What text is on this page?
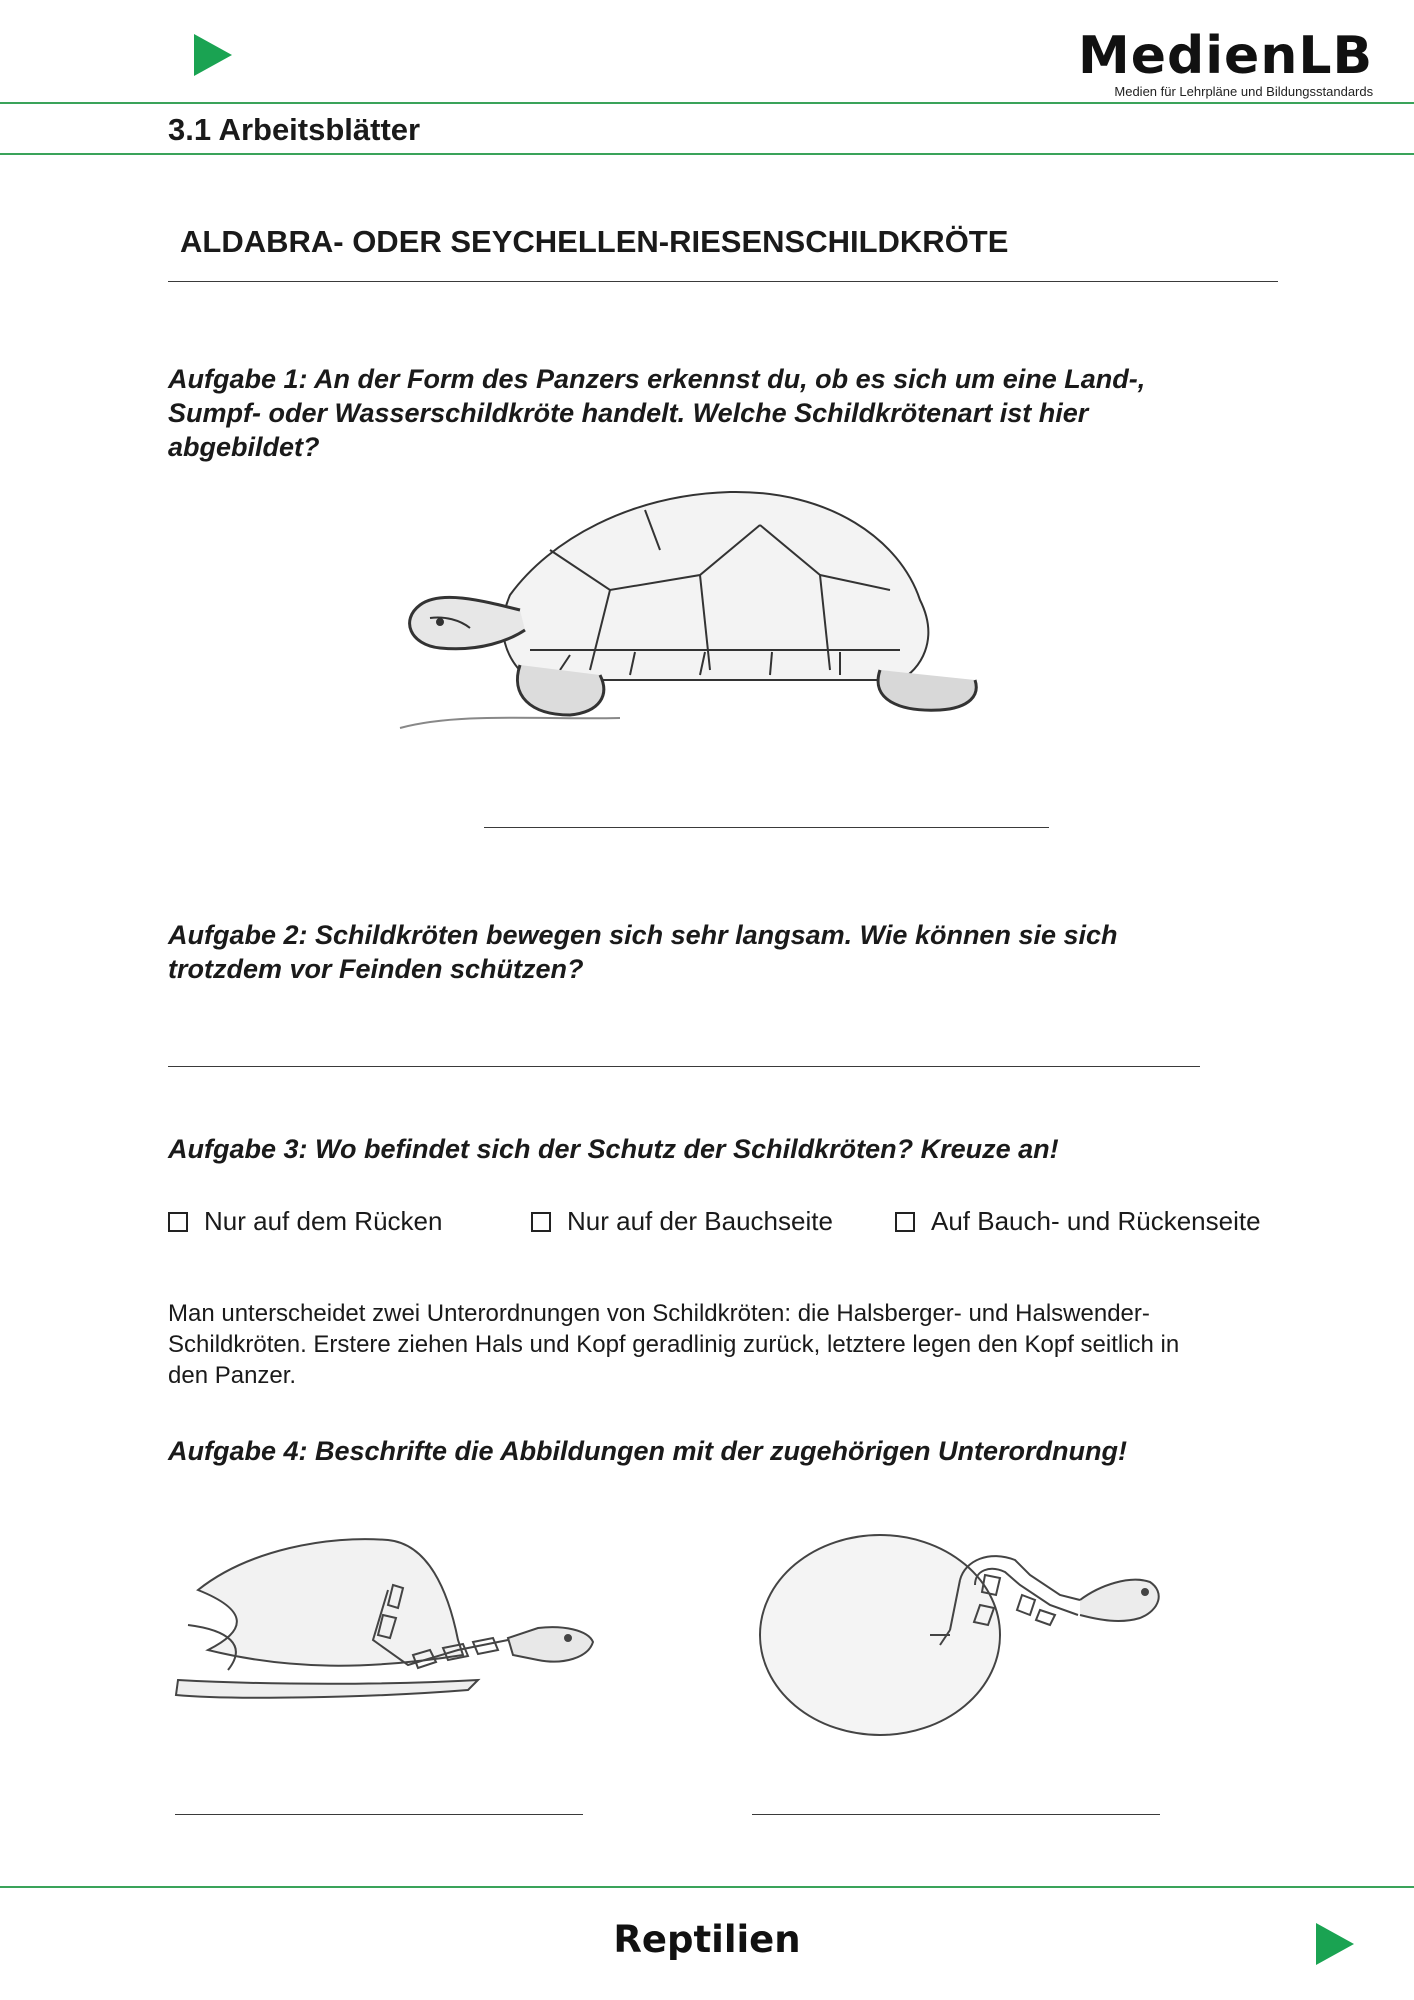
MedienLB
Medien für Lehrpläne und Bildungsstandards
3.1 Arbeitsblätter
ALDABRA- ODER SEYCHELLEN-RIESENSCHILDKRÖTE
Aufgabe 1: An der Form des Panzers erkennst du, ob es sich um eine Land-,
Sumpf- oder Wasserschildkröte handelt. Welche Schildkrötenart ist hier
abgebildet?
Aufgabe 2: Schildkröten bewegen sich sehr langsam. Wie können sie sich
trotzdem vor Feinden schützen?
Aufgabe 3: Wo befindet sich der Schutz der Schildkröten? Kreuze an!
Nur auf dem Rücken	Nur auf der Bauchseite	Auf Bauch- und Rückenseite
Man unterscheidet zwei Unterordnungen von Schildkröten: die Halsberger- und Halswender-
Schildkröten. Erstere ziehen Hals und Kopf geradlinig zurück, letztere legen den Kopf seitlich in
den Panzer.
Aufgabe 4: Beschrifte die Abbildungen mit der zugehörigen Unterordnung!
Reptilien
